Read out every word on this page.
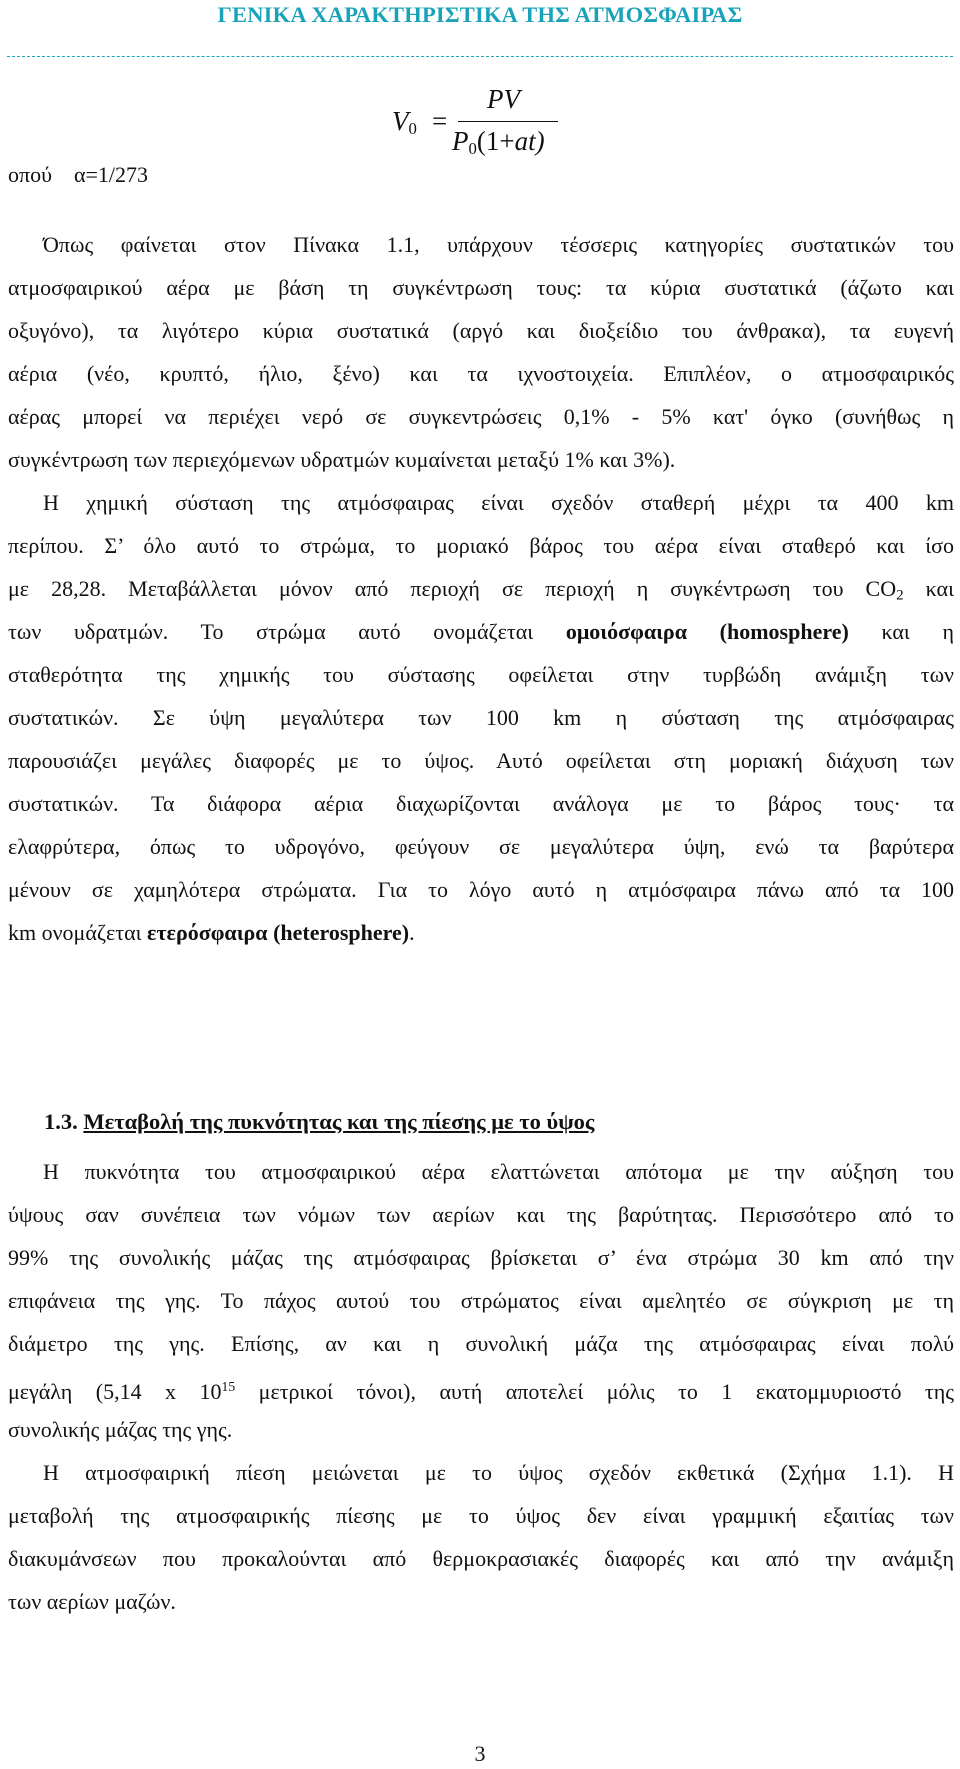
ΓΕΝΙΚΑ ΧΑΡΑΚΤΗΡΙΣΤΙΚΑ ΤΗΣ ΑΤΜΟΣΦΑΙΡΑΣ
$V_0$ =
PV
$P_0(1+at)$
οπού    α=1/273
Όπως φαίνεται στον Πίνακα 1.1, υπάρχουν τέσσερις κατηγορίες συστατικών του
ατμοσφαιρικού αέρα με βάση τη συγκέντρωση τους: τα κύρια συστατικά (άζωτο και
οξυγόνο), τα λιγότερο κύρια συστατικά (αργό και διοξείδιο του άνθρακα), τα ευγενή
αέρια (νέο, κρυπτό, ήλιο, ξένο) και τα ιχνοστοιχεία. Επιπλέον, ο ατμοσφαιρικός
αέρας μπορεί να περιέχει νερό σε συγκεντρώσεις 0,1% - 5% κατ' όγκο (συνήθως η
συγκέντρωση των περιεχόμενων υδρατμών κυμαίνεται μεταξύ 1% και 3%).
Η χημική σύσταση της ατμόσφαιρας είναι σχεδόν σταθερή μέχρι τα 400 km
περίπου. Σ’ όλο αυτό το στρώμα, το μοριακό βάρος του αέρα είναι σταθερό και ίσο
με 28,28. Μεταβάλλεται μόνον από περιοχή σε περιοχή η συγκέντρωση του CO2 και
των υδρατμών. Το στρώμα αυτό ονομάζεται ομοιόσφαιρα (homosphere) και η
σταθερότητα της χημικής του σύστασης οφείλεται στην τυρβώδη ανάμιξη των
συστατικών. Σε ύψη μεγαλύτερα των 100 km η σύσταση της ατμόσφαιρας
παρουσιάζει μεγάλες διαφορές με το ύψος. Αυτό οφείλεται στη μοριακή διάχυση των
συστατικών. Τα διάφορα αέρια διαχωρίζονται ανάλογα με το βάρος τους· τα
ελαφρύτερα, όπως το υδρογόνο, φεύγουν σε μεγαλύτερα ύψη, ενώ τα βαρύτερα
μένουν σε χαμηλότερα στρώματα. Για το λόγο αυτό η ατμόσφαιρα πάνω από τα 100
km ονομάζεται ετερόσφαιρα (heterosphere).
1.3. Μεταβολή της πυκνότητας και της πίεσης με το ύψος
Η πυκνότητα του ατμοσφαιρικού αέρα ελαττώνεται απότομα με την αύξηση του
ύψους σαν συνέπεια των νόμων των αερίων και της βαρύτητας. Περισσότερο από το
99% της συνολικής μάζας της ατμόσφαιρας βρίσκεται σ’ ένα στρώμα 30 km από την
επιφάνεια της γης. Το πάχος αυτού του στρώματος είναι αμελητέο σε σύγκριση με τη
διάμετρο της γης. Επίσης, αν και η συνολική μάζα της ατμόσφαιρας είναι πολύ
μεγάλη (5,14 x $10^{15}$ μετρικοί τόνοι), αυτή αποτελεί μόλις το 1 εκατομμυριοστό της
συνολικής μάζας της γης.
Η ατμοσφαιρική πίεση μειώνεται με το ύψος σχεδόν εκθετικά (Σχήμα 1.1). Η
μεταβολή της ατμοσφαιρικής πίεσης με το ύψος δεν είναι γραμμική εξαιτίας των
διακυμάνσεων που προκαλούνται από θερμοκρασιακές διαφορές και από την ανάμιξη
των αερίων μαζών.
3
